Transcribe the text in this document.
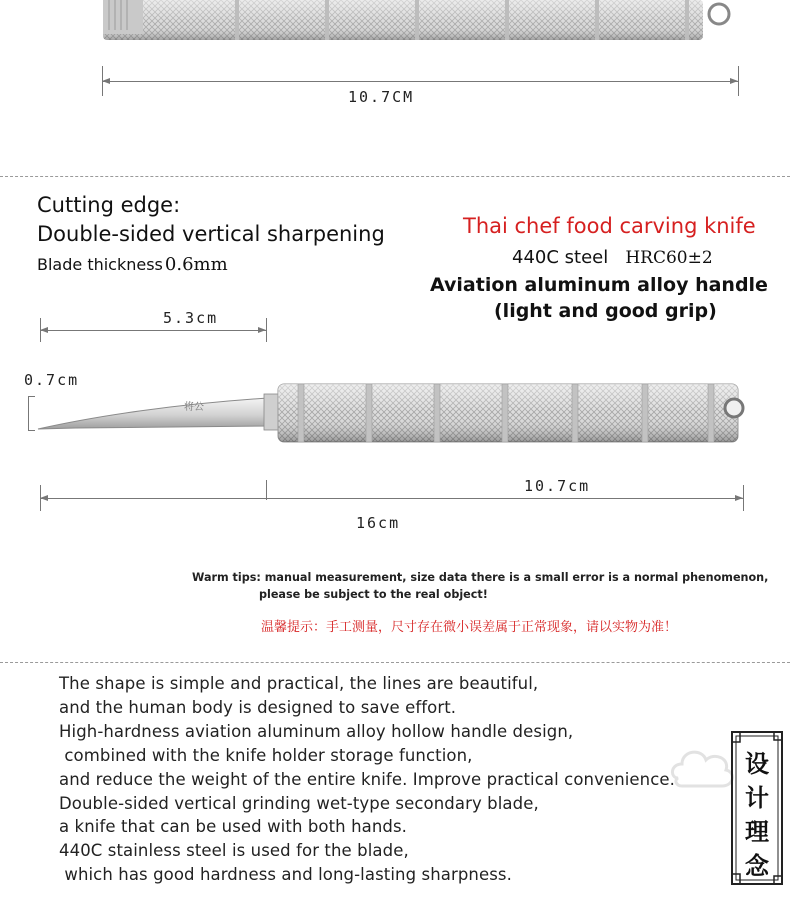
10.7CM
Cutting edge:
Double-sided vertical sharpening
Blade thickness 0.6mm
Thai chef food carving knife
440C steel HRC60±2
Aviation aluminum alloy handle
(light and good grip)
5.3cm
0.7cm
将公
10.7cm
16cm
Warm tips: manual measurement, size data there is a small error is a normal phenomenon,
please be subject to the real object!
温馨提示：手工测量，尺寸存在微小误差属于正常现象，请以实物为准！
The shape is simple and practical, the lines are beautiful,
and the human body is designed to save effort.
High-hardness aviation aluminum alloy hollow handle design,
combined with the knife holder storage function,
and reduce the weight of the entire knife. Improve practical convenience.
Double-sided vertical grinding wet-type secondary blade,
a knife that can be used with both hands.
440C stainless steel is used for the blade,
which has good hardness and long-lasting sharpness.
设
计
理
念
